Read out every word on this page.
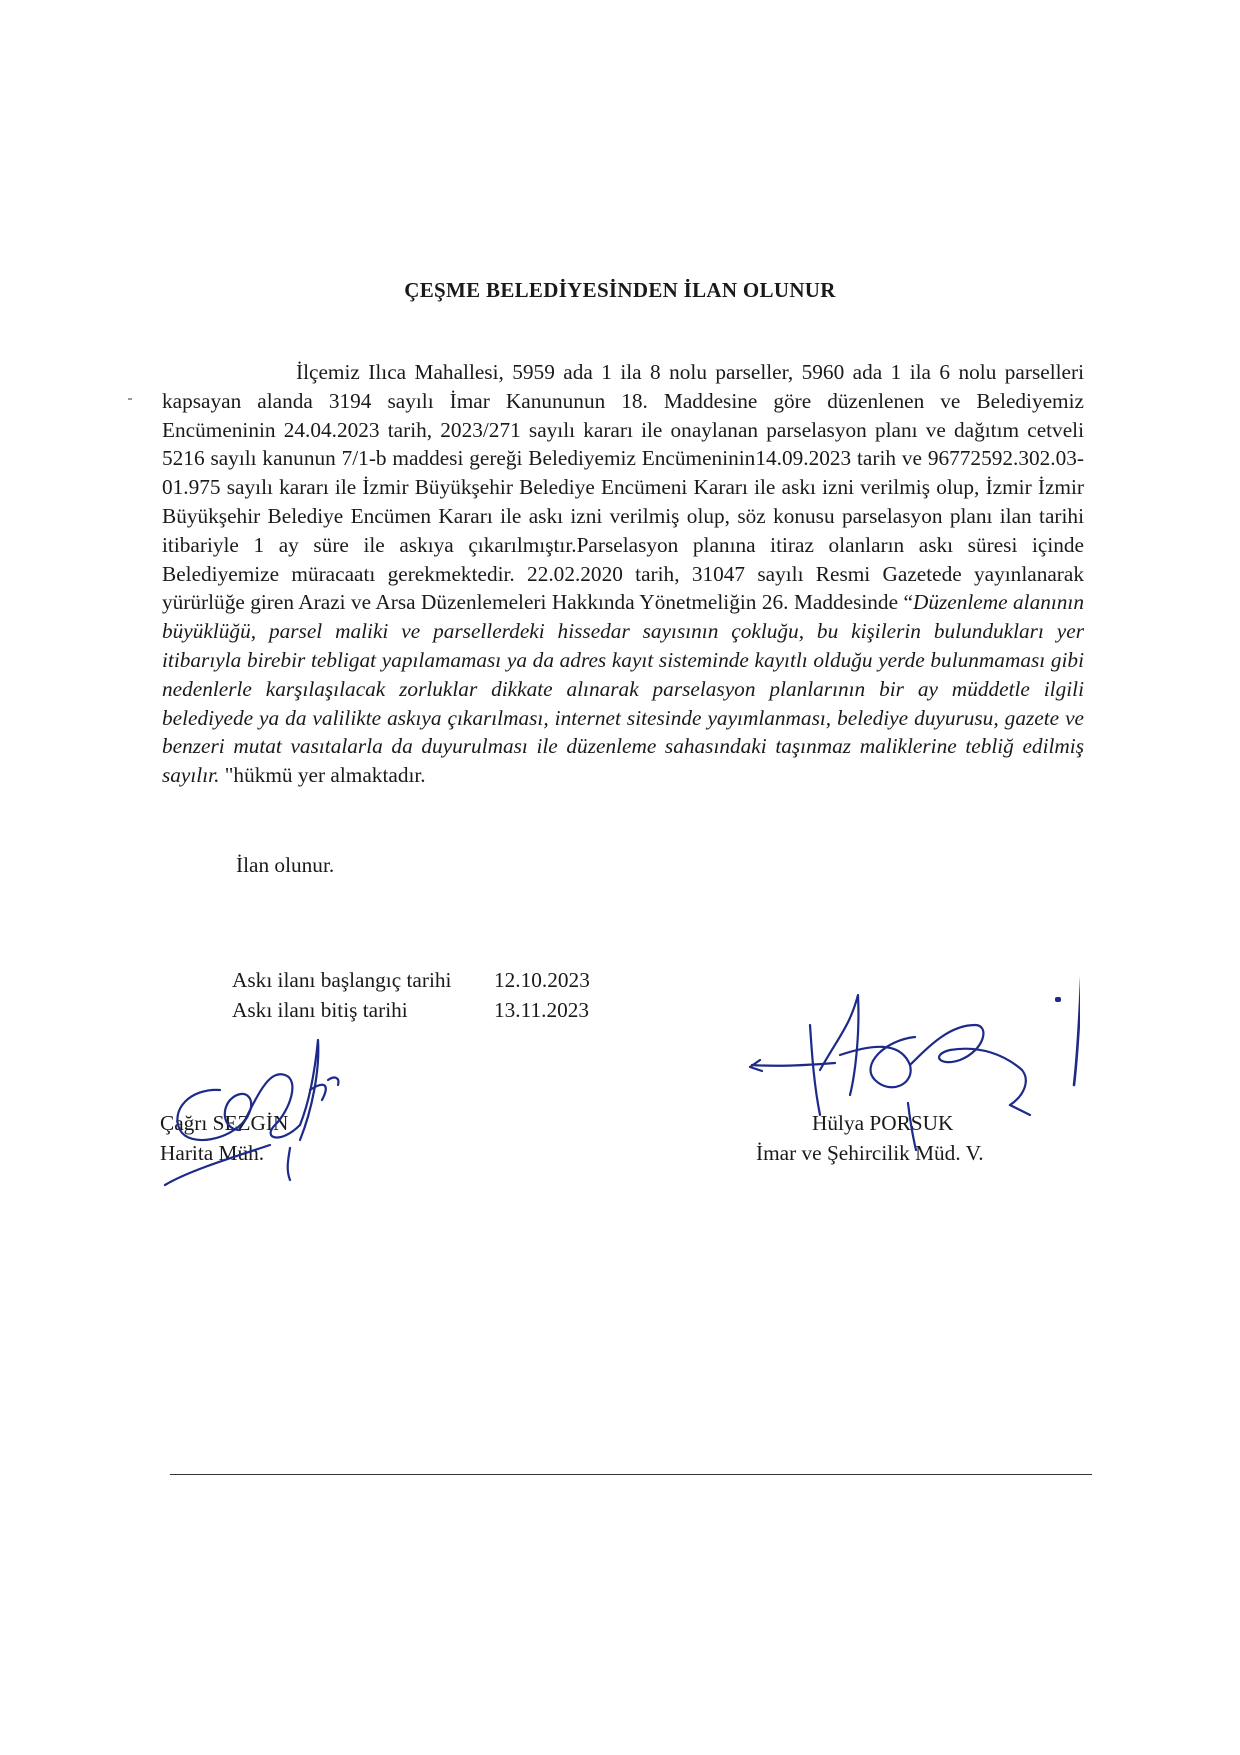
ÇEŞME BELEDİYESİNDEN İLAN OLUNUR
İlçemiz Ilıca Mahallesi, 5959 ada 1 ila 8 nolu parseller, 5960 ada 1 ila 6 nolu parselleri kapsayan alanda 3194 sayılı İmar Kanununun 18. Maddesine göre düzenlenen ve Belediyemiz Encümeninin 24.04.2023 tarih, 2023/271 sayılı kararı ile onaylanan parselasyon planı ve dağıtım cetveli 5216 sayılı kanunun 7/1-b maddesi gereği Belediyemiz Encümeninin14.09.2023 tarih ve 96772592.302.03-01.975 sayılı kararı ile İzmir Büyükşehir Belediye Encümeni Kararı ile askı izni verilmiş olup, İzmir İzmir Büyükşehir Belediye Encümen Kararı ile askı izni verilmiş olup, söz konusu parselasyon planı ilan tarihi itibariyle 1 ay süre ile askıya çıkarılmıştır.Parselasyon planına itiraz olanların askı süresi içinde Belediyemize müracaatı gerekmektedir. 22.02.2020 tarih, 31047 sayılı Resmi Gazetede yayınlanarak yürürlüğe giren Arazi ve Arsa Düzenlemeleri Hakkında Yönetmeliğin 26. Maddesinde “Düzenleme alanının büyüklüğü, parsel maliki ve parsellerdeki hissedar sayısının çokluğu, bu kişilerin bulundukları yer itibarıyla birebir tebligat yapılamaması ya da adres kayıt sisteminde kayıtlı olduğu yerde bulunmaması gibi nedenlerle karşılaşılacak zorluklar dikkate alınarak parselasyon planlarının bir ay müddetle ilgili belediyede ya da valilikte askıya çıkarılması, internet sitesinde yayımlanması, belediye duyurusu, gazete ve benzeri mutat vasıtalarla da duyurulması ile düzenleme sahasındaki taşınmaz maliklerine tebliğ edilmiş sayılır. "hükmü yer almaktadır.
İlan olunur.
Askı ilanı başlangıç tarihi	12.10.2023
Askı ilanı bitiş tarihi	13.11.2023
Çağrı SEZGİN
Harita Müh.
Hülya PORSUK
İmar ve Şehircilik Müd. V.
